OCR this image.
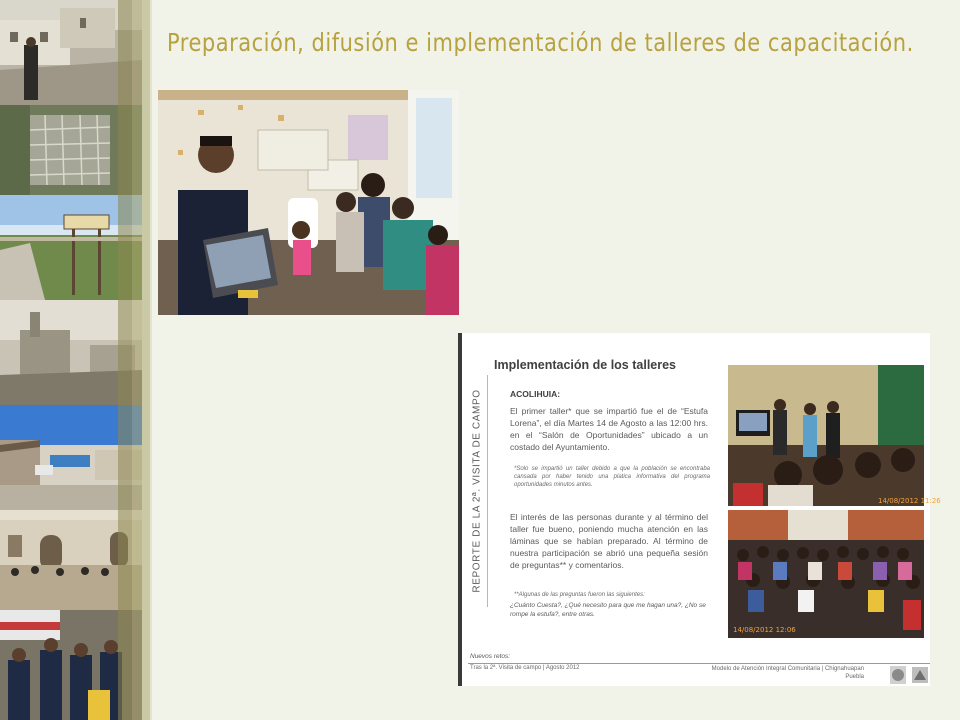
Preparación, difusión e implementación de talleres de capacitación.
REPORTE DE LA 2ª. VISITA DE CAMPO
Implementación de los talleres
ACOLIHUIA:
El primer taller* que se impartió fue el de “Estufa Lorena”, el día Martes 14 de Agosto a las 12:00 hrs. en el “Salón de Oportunidades” ubicado a un costado del Ayuntamiento.
*Solo se impartió un taller debido a que la población se encontraba cansada por haber tenido una platica informativa del programa oportunidades minutos antes.
El interés de las personas durante y al término del taller fue bueno, poniendo mucha atención en las láminas que se habían preparado. Al término de nuestra participación se abrió una pequeña sesión de preguntas** y comentarios.
**Algunas de las preguntas fueron las siguientes:
¿Cuánto Cuesta?, ¿Qué necesito para que me hagan una?, ¿No se rompe la estufa?, entre otras.
14/08/2012 11:26
14/08/2012 12:06
Nuevos retos:
Tras la 2ª. Visita de campo | Agosto 2012	Modelo de Atención Integral Comunitaria | Chignahuapan Puebla
